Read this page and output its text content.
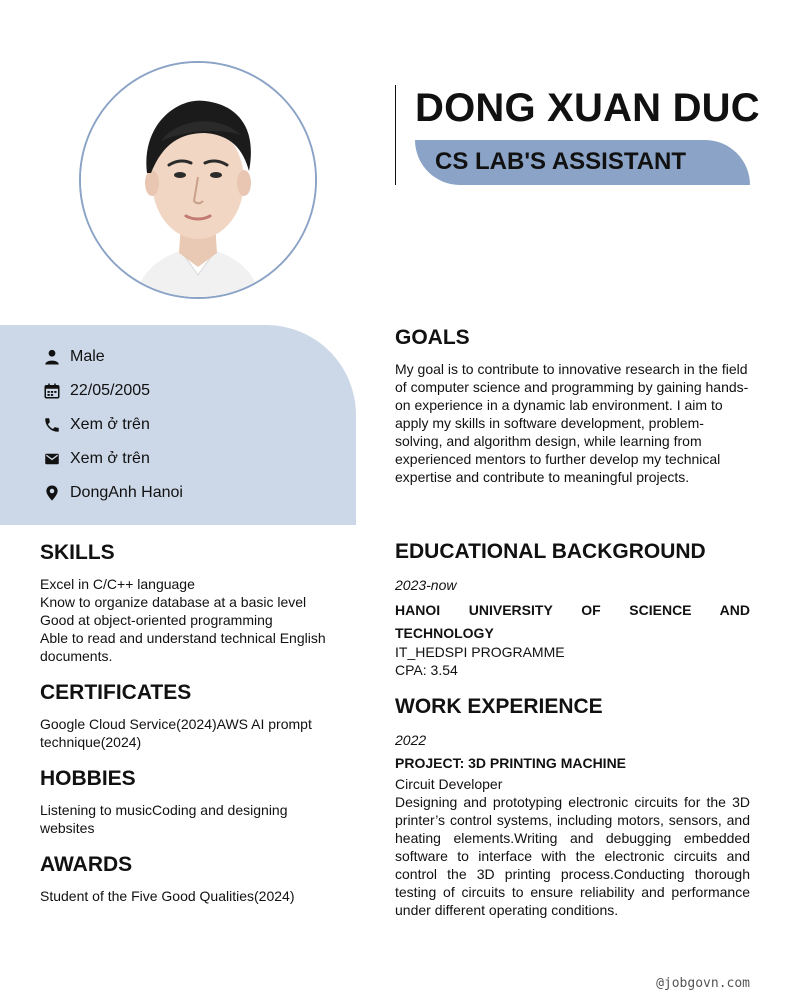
DONG XUAN DUC
CS LAB'S ASSISTANT
Male
22/05/2005
Xem ở trên
Xem ở trên
DongAnh Hanoi
SKILLS
Excel in C/C++ language
Know to organize database at a basic level
Good at object-oriented programming
Able to read and understand technical English documents.
CERTIFICATES
Google Cloud Service(2024)AWS AI prompt technique(2024)
HOBBIES
Listening to musicCoding and designing websites
AWARDS
Student of the Five Good Qualities(2024)
GOALS
My goal is to contribute to innovative research in the field of computer science and programming by gaining hands-on experience in a dynamic lab environment. I aim to apply my skills in software development, problem-solving, and algorithm design, while learning from experienced mentors to further develop my technical expertise and contribute to meaningful projects.
EDUCATIONAL BACKGROUND
2023-now
HANOI UNIVERSITY OF SCIENCE AND TECHNOLOGY
IT_HEDSPI PROGRAMME
CPA: 3.54
WORK EXPERIENCE
2022
PROJECT: 3D PRINTING MACHINE
Circuit Developer
Designing and prototyping electronic circuits for the 3D printer’s control systems, including motors, sensors, and heating elements.Writing and debugging embedded software to interface with the electronic circuits and control the 3D printing process.Conducting thorough testing of circuits to ensure reliability and performance under different operating conditions.
@jobgovn.com
